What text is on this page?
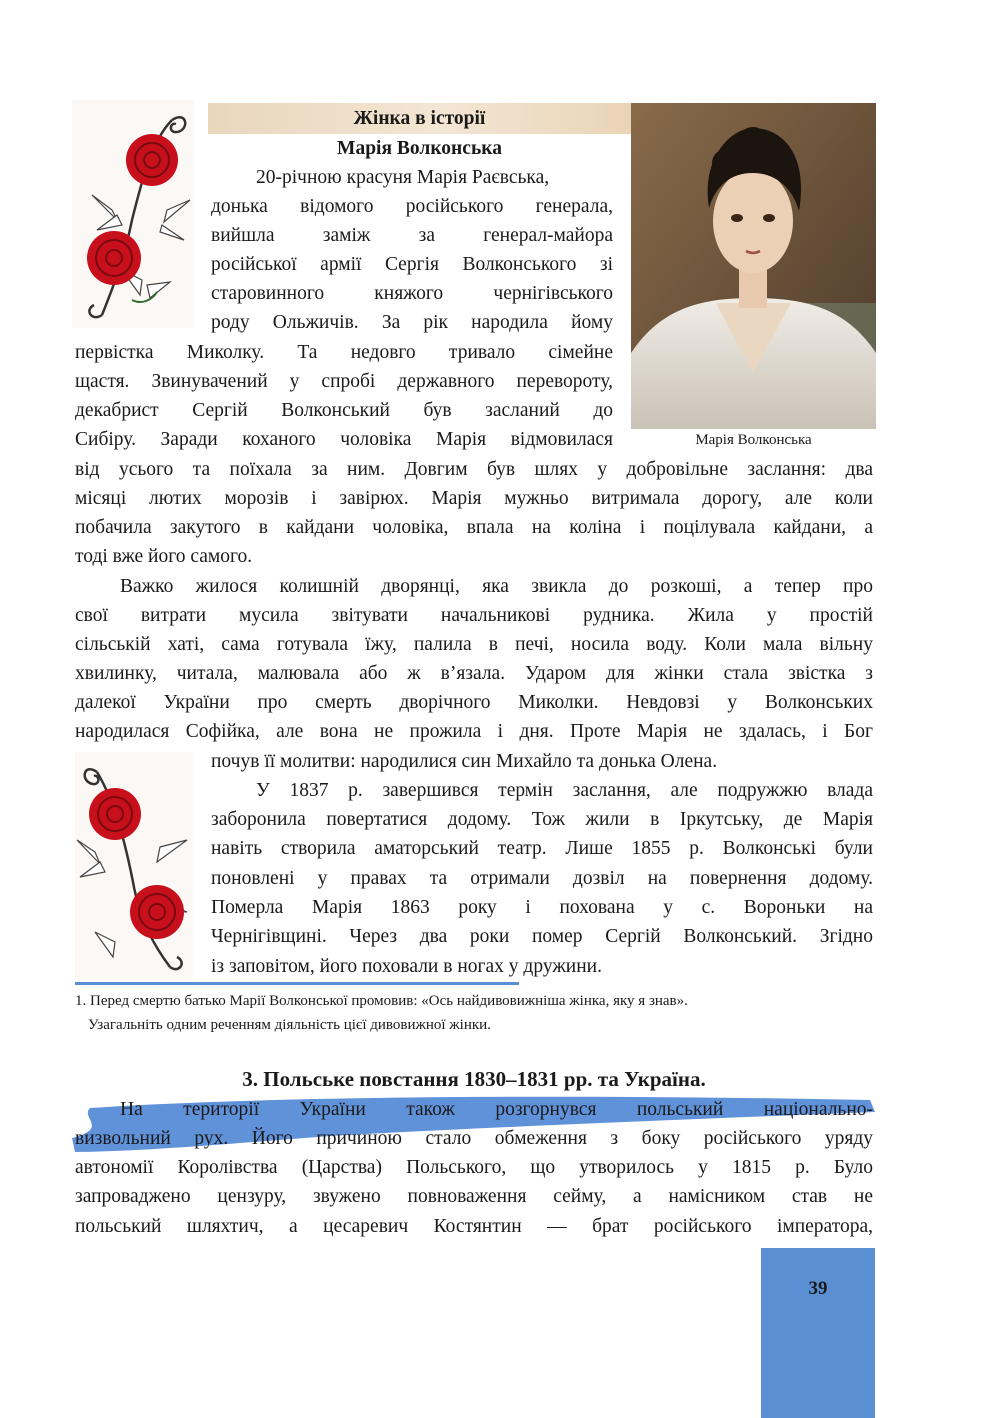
Жінка в історії
Марія Волконська
Марія Волконська
20-річною красуня Марія Раєвська,
донька відомого російського генерала,
вийшла заміж за генерал-майора
російської армії Сергія Волконського зі
старовинного княжого чернігівського
роду Ольжичів. За рік народила йому
первістка Миколку. Та недовго тривало сімейне
щастя. Звинувачений у спробі державного перевороту,
декабрист Сергій Волконський був засланий до
Сибіру. Заради коханого чоловіка Марія відмовилася
від усього та поїхала за ним. Довгим був шлях у добровільне заслання: два
місяці лютих морозів і завірюх. Марія мужньо витримала дорогу, але коли
побачила закутого в кайдани чоловіка, впала на коліна і поцілувала кайдани, а
тоді вже його самого.
Важко жилося колишній дворянці, яка звикла до розкоші, а тепер про
свої витрати мусила звітувати начальникові рудника. Жила у простій
сільській хаті, сама готувала їжу, палила в печі, носила воду. Коли мала вільну
хвилинку, читала, малювала або ж в’язала. Ударом для жінки стала звістка з
далекої України про смерть дворічного Миколки. Невдовзі у Волконських
народилася Софійка, але вона не прожила і дня. Проте Марія не здалась, і Бог
почув її молитви: народилися син Михайло та донька Олена.
У 1837 р. завершився термін заслання, але подружжю влада
заборонила повертатися додому. Тож жили в Іркутську, де Марія
навіть створила аматорський театр. Лише 1855 р. Волконські були
поновлені у правах та отримали дозвіл на повернення додому.
Померла Марія 1863 року і похована у с. Вороньки на
Чернігівщині. Через два роки помер Сергій Волконський. Згідно
із заповітом, його поховали в ногах у дружини.
1. Перед смертю батько Марії Волконської промовив: «Ось найдивовижніша жінка, яку я знав».
Узагальніть одним реченням діяльність цієї дивовижної жінки.
3. Польське повстання 1830–1831 рр. та Україна.
На території України також розгорнувся польський національно-
визвольний рух. Його причиною стало обмеження з боку російського уряду
автономії Королівства (Царства) Польського, що утворилось у 1815 р. Було
запроваджено цензуру, звужено повноваження сейму, а намісником став не
польський шляхтич, а цесаревич Костянтин — брат російського імператора,
39
